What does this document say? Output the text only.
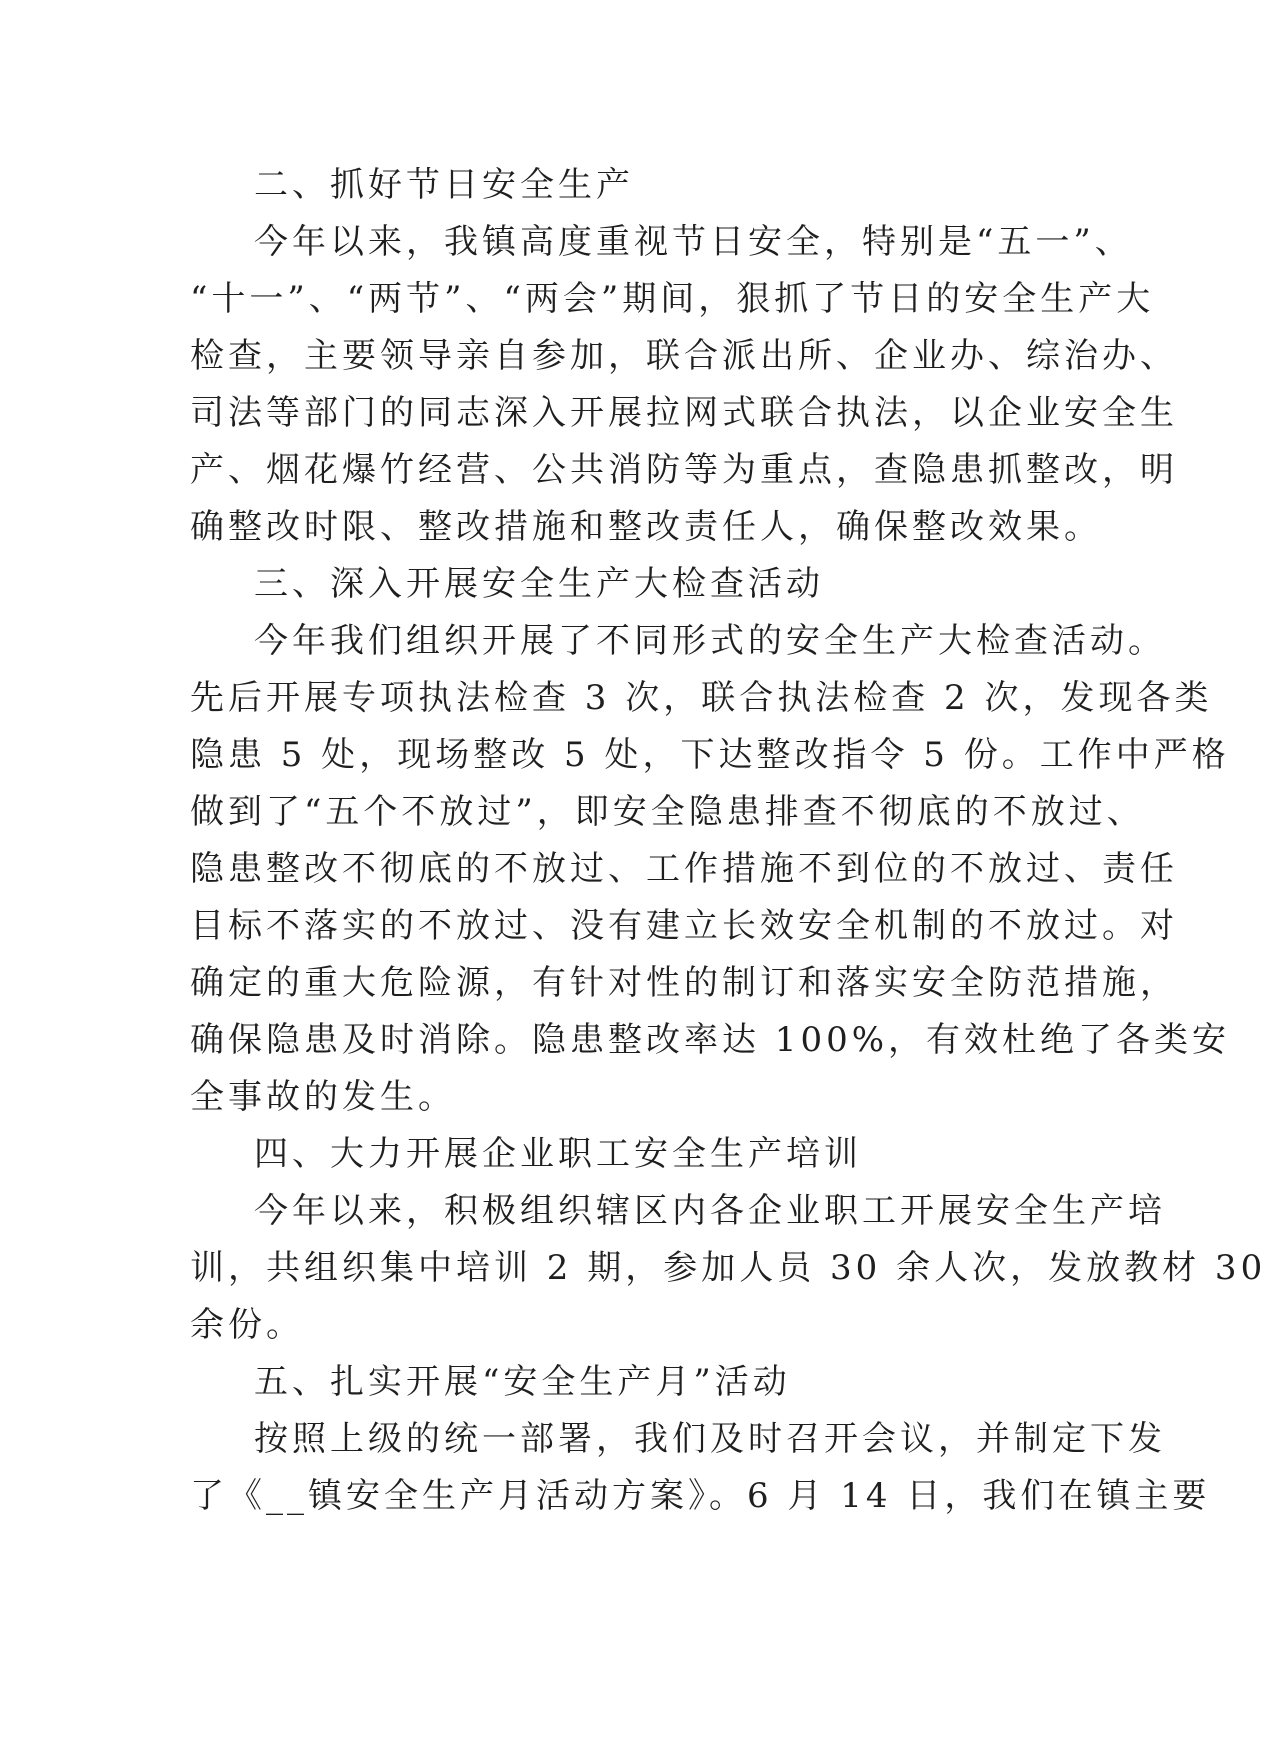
二、抓好节日安全生产
今年以来，我镇高度重视节日安全，特别是“五一”、
“十一”、“两节”、“两会”期间，狠抓了节日的安全生产大
检查，主要领导亲自参加，联合派出所、企业办、综治办、
司法等部门的同志深入开展拉网式联合执法，以企业安全生
产、烟花爆竹经营、公共消防等为重点，查隐患抓整改，明
确整改时限、整改措施和整改责任人，确保整改效果。
三、深入开展安全生产大检查活动
今年我们组织开展了不同形式的安全生产大检查活动。
先后开展专项执法检查 3 次，联合执法检查 2 次，发现各类
隐患 5 处，现场整改 5 处，下达整改指令 5 份。工作中严格
做到了“五个不放过”，即安全隐患排查不彻底的不放过、
隐患整改不彻底的不放过、工作措施不到位的不放过、责任
目标不落实的不放过、没有建立长效安全机制的不放过。对
确定的重大危险源，有针对性的制订和落实安全防范措施，
确保隐患及时消除。隐患整改率达 100%，有效杜绝了各类安
全事故的发生。
四、大力开展企业职工安全生产培训
今年以来，积极组织辖区内各企业职工开展安全生产培
训，共组织集中培训 2 期，参加人员 30 余人次，发放教材 30
余份。
五、扎实开展“安全生产月”活动
按照上级的统一部署，我们及时召开会议，并制定下发
了《__镇安全生产月活动方案》。6 月 14 日，我们在镇主要
